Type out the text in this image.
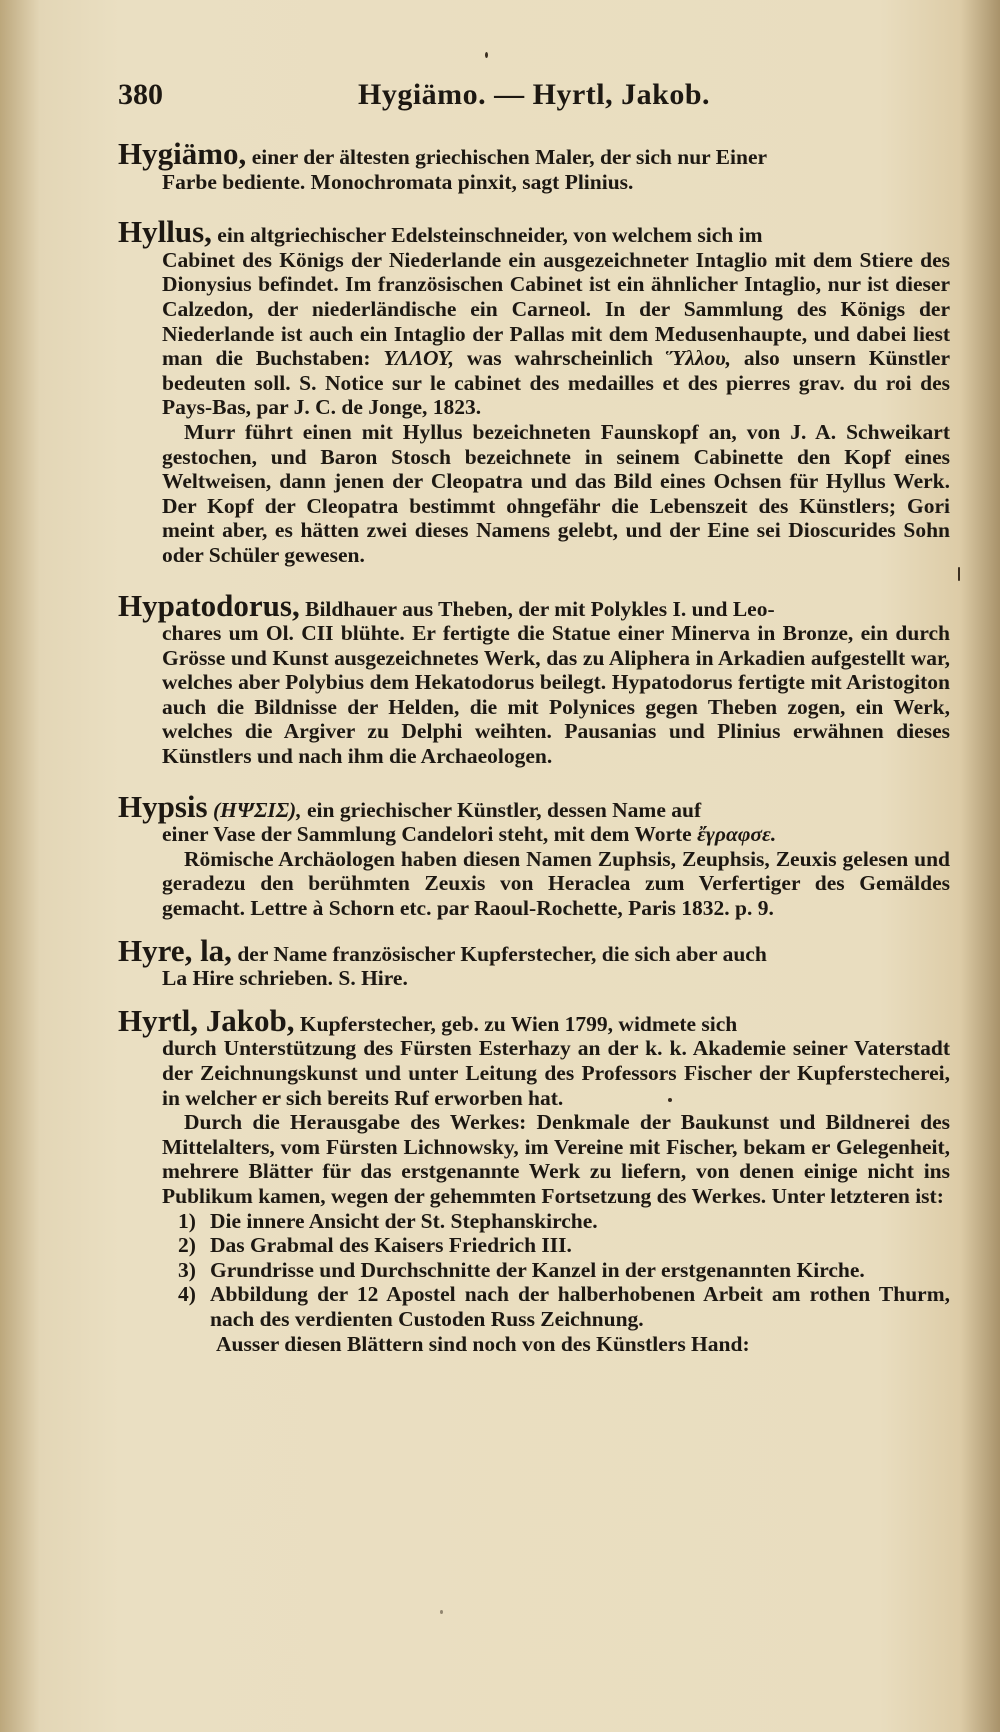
380	Hygiämo. — Hyrtl, Jakob.

Hygiämo, einer der ältesten griechischen Maler, der sich nur Einer

Farbe bediente. Monochromata pinxit, sagt Plinius.

Hyllus, ein altgriechischer Edelsteinschneider, von welchem sich im

Cabinet des Königs der Niederlande ein ausgezeichneter Intaglio mit dem Stiere des Dionysius befindet. Im französischen Cabinet ist ein ähnlicher Intaglio, nur ist dieser Calzedon, der niederländische ein Carneol. In der Sammlung des Königs der Niederlande ist auch ein Intaglio der Pallas mit dem Medusenhaupte, und dabei liest man die Buchstaben: ΥΛΛΟΥ, was wahrscheinlich Ὕλλου, also unsern Künstler bedeuten soll. S. Notice sur le cabinet des medailles et des pierres grav. du roi des Pays-Bas, par J. C. de Jonge, 1823.

Murr führt einen mit Hyllus bezeichneten Faunskopf an, von J. A. Schweikart gestochen, und Baron Stosch bezeichnete in seinem Cabinette den Kopf eines Weltweisen, dann jenen der Cleopatra und das Bild eines Ochsen für Hyllus Werk. Der Kopf der Cleopatra bestimmt ohngefähr die Lebenszeit des Künstlers; Gori meint aber, es hätten zwei dieses Namens gelebt, und der Eine sei Dioscurides Sohn oder Schüler gewesen.

Hypatodorus, Bildhauer aus Theben, der mit Polykles I. und Leo-

chares um Ol. CII blühte. Er fertigte die Statue einer Minerva in Bronze, ein durch Grösse und Kunst ausgezeichnetes Werk, das zu Aliphera in Arkadien aufgestellt war, welches aber Polybius dem Hekatodorus beilegt. Hypatodorus fertigte mit Aristogiton auch die Bildnisse der Helden, die mit Polynices gegen Theben zogen, ein Werk, welches die Argiver zu Delphi weihten. Pausanias und Plinius erwähnen dieses Künstlers und nach ihm die Archaeologen.

Hypsis (ΗΨΣΙΣ), ein griechischer Künstler, dessen Name auf

einer Vase der Sammlung Candelori steht, mit dem Worte ἔγραφσε.

Römische Archäologen haben diesen Namen Zuphsis, Zeuphsis, Zeuxis gelesen und geradezu den berühmten Zeuxis von Heraclea zum Verfertiger des Gemäldes gemacht. Lettre à Schorn etc. par Raoul-Rochette, Paris 1832. p. 9.

Hyre, la, der Name französischer Kupferstecher, die sich aber auch

La Hire schrieben. S. Hire.

Hyrtl, Jakob, Kupferstecher, geb. zu Wien 1799, widmete sich

durch Unterstützung des Fürsten Esterhazy an der k. k. Akademie seiner Vaterstadt der Zeichnungskunst und unter Leitung des Professors Fischer der Kupferstecherei, in welcher er sich bereits Ruf erworben hat.

Durch die Herausgabe des Werkes: Denkmale der Baukunst und Bildnerei des Mittelalters, vom Fürsten Lichnowsky, im Vereine mit Fischer, bekam er Gelegenheit, mehrere Blätter für das erstgenannte Werk zu liefern, von denen einige nicht ins Publikum kamen, wegen der gehemmten Fortsetzung des Werkes. Unter letzteren ist:

1) Die innere Ansicht der St. Stephanskirche.
2) Das Grabmal des Kaisers Friedrich III.
3) Grundrisse und Durchschnitte der Kanzel in der erstgenannten Kirche.
4) Abbildung der 12 Apostel nach der halberhobenen Arbeit am rothen Thurm, nach des verdienten Custoden Russ Zeichnung.

Ausser diesen Blättern sind noch von des Künstlers Hand:
